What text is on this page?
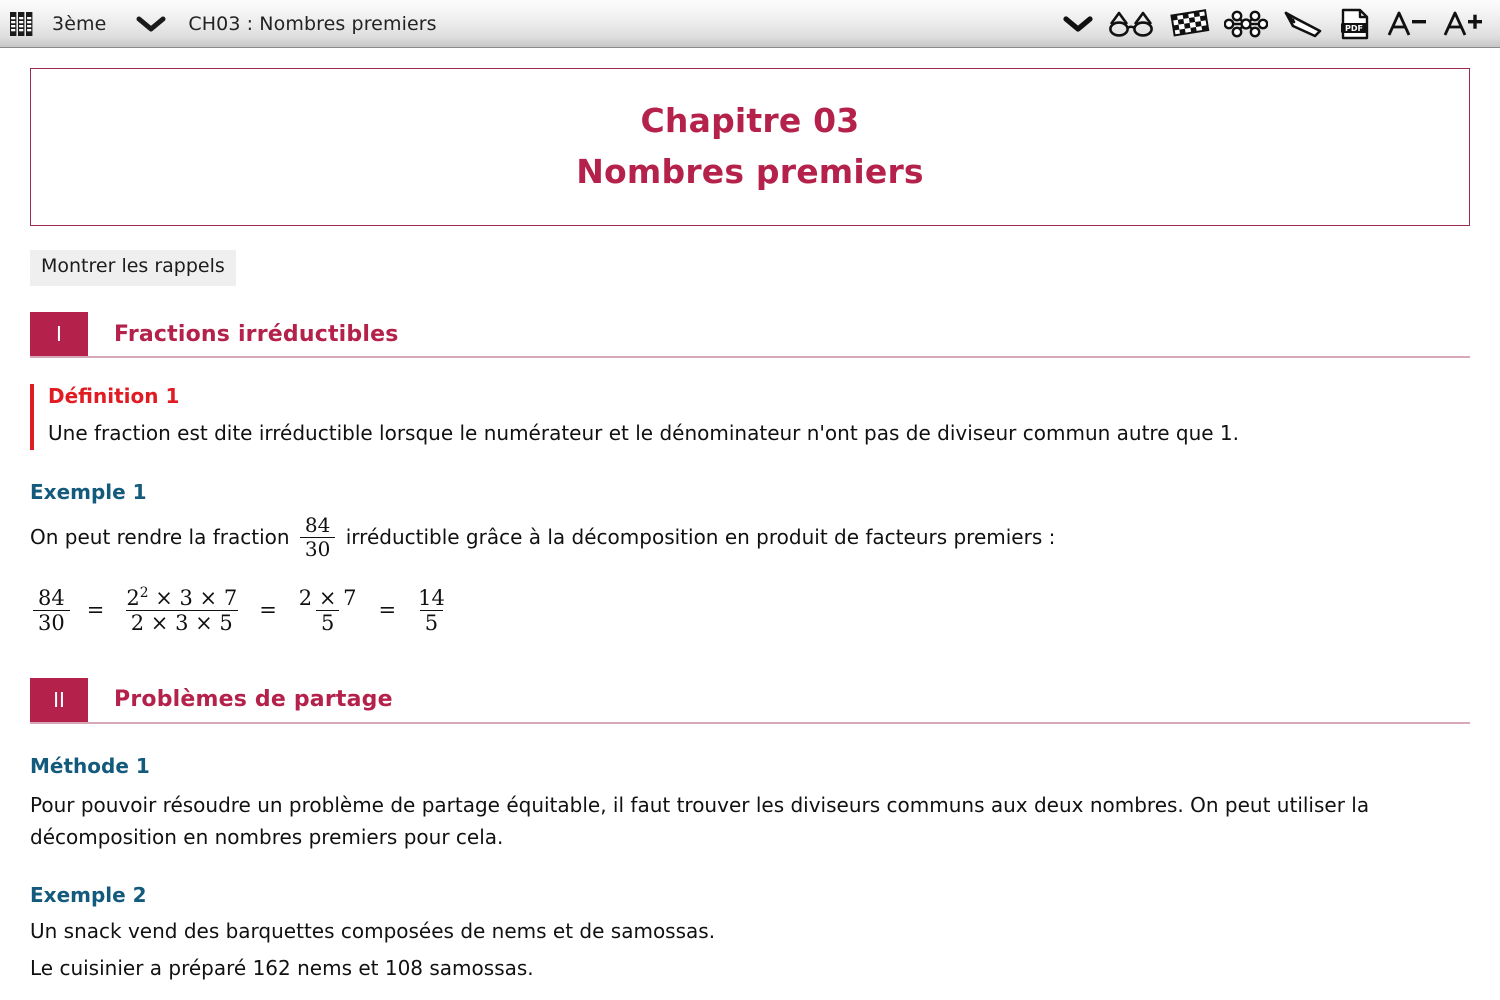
3ème	CH03 : Nombres premiers	PDF
Chapitre 03
Nombres premiers
Montrer les rappels
I	Fractions irréductibles
Définition 1
Une fraction est dite irréductible lorsque le numérateur et le dénominateur n'ont pas de diviseur commun autre que 1.
Exemple 1
On peut rendre la fraction $\frac{84}{30}$ irréductible grâce à la décomposition en produit de facteurs premiers :
$\frac{84}{30} = \frac{2^2 \times 3 \times 7}{2 \times 3 \times 5} = \frac{2 \times 7}{5} = \frac{14}{5}$
II	Problèmes de partage
Méthode 1
Pour pouvoir résoudre un problème de partage équitable, il faut trouver les diviseurs communs aux deux nombres. On peut utiliser la décomposition en nombres premiers pour cela.
Exemple 2
Un snack vend des barquettes composées de nems et de samossas.
Le cuisinier a préparé 162 nems et 108 samossas.
